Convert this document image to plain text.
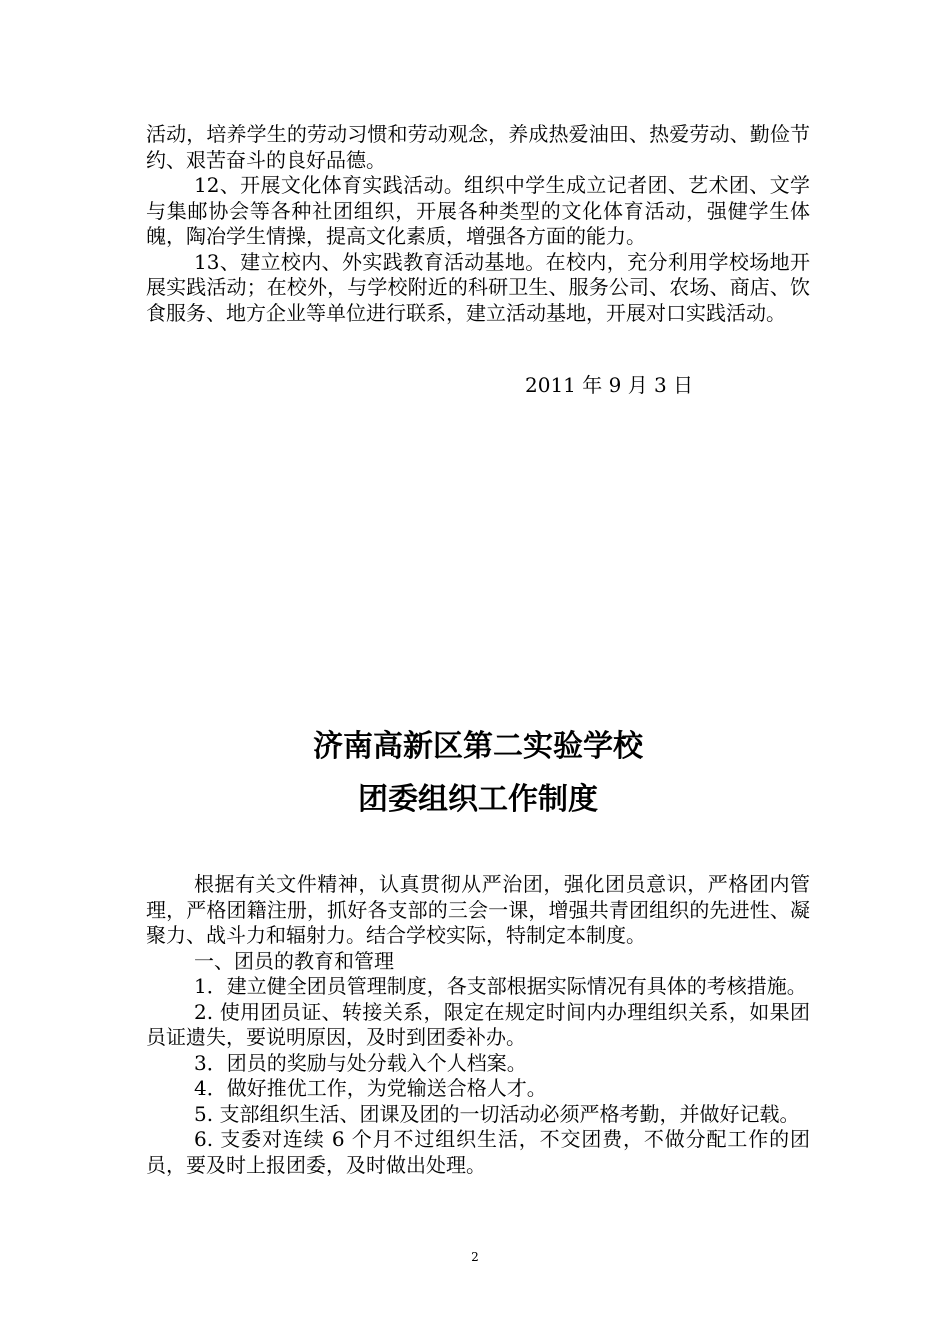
活动，培养学生的劳动习惯和劳动观念，养成热爱油田、热爱劳动、勤俭节约、艰苦奋斗的良好品德。

12、开展文化体育实践活动。组织中学生成立记者团、艺术团、文学与集邮协会等各种社团组织，开展各种类型的文化体育活动，强健学生体魄，陶冶学生情操，提高文化素质，增强各方面的能力。

13、建立校内、外实践教育活动基地。在校内，充分利用学校场地开展实践活动；在校外，与学校附近的科研卫生、服务公司、农场、商店、饮食服务、地方企业等单位进行联系，建立活动基地，开展对口实践活动。

2011 年 9 月 3 日
济南高新区第二实验学校
团委组织工作制度

根据有关文件精神，认真贯彻从严治团，强化团员意识，严格团内管理，严格团籍注册，抓好各支部的三会一课，增强共青团组织的先进性、凝聚力、战斗力和辐射力。结合学校实际，特制定本制度。

一、团员的教育和管理

1．建立健全团员管理制度，各支部根据实际情况有具体的考核措施。

2. 使用团员证、转接关系，限定在规定时间内办理组织关系，如果团员证遗失，要说明原因，及时到团委补办。

3．团员的奖励与处分载入个人档案。

4．做好推优工作，为党输送合格人才。

5. 支部组织生活、团课及团的一切活动必须严格考勤，并做好记载。

6. 支委对连续 6 个月不过组织生活，不交团费，不做分配工作的团员，要及时上报团委，及时做出处理。

2
